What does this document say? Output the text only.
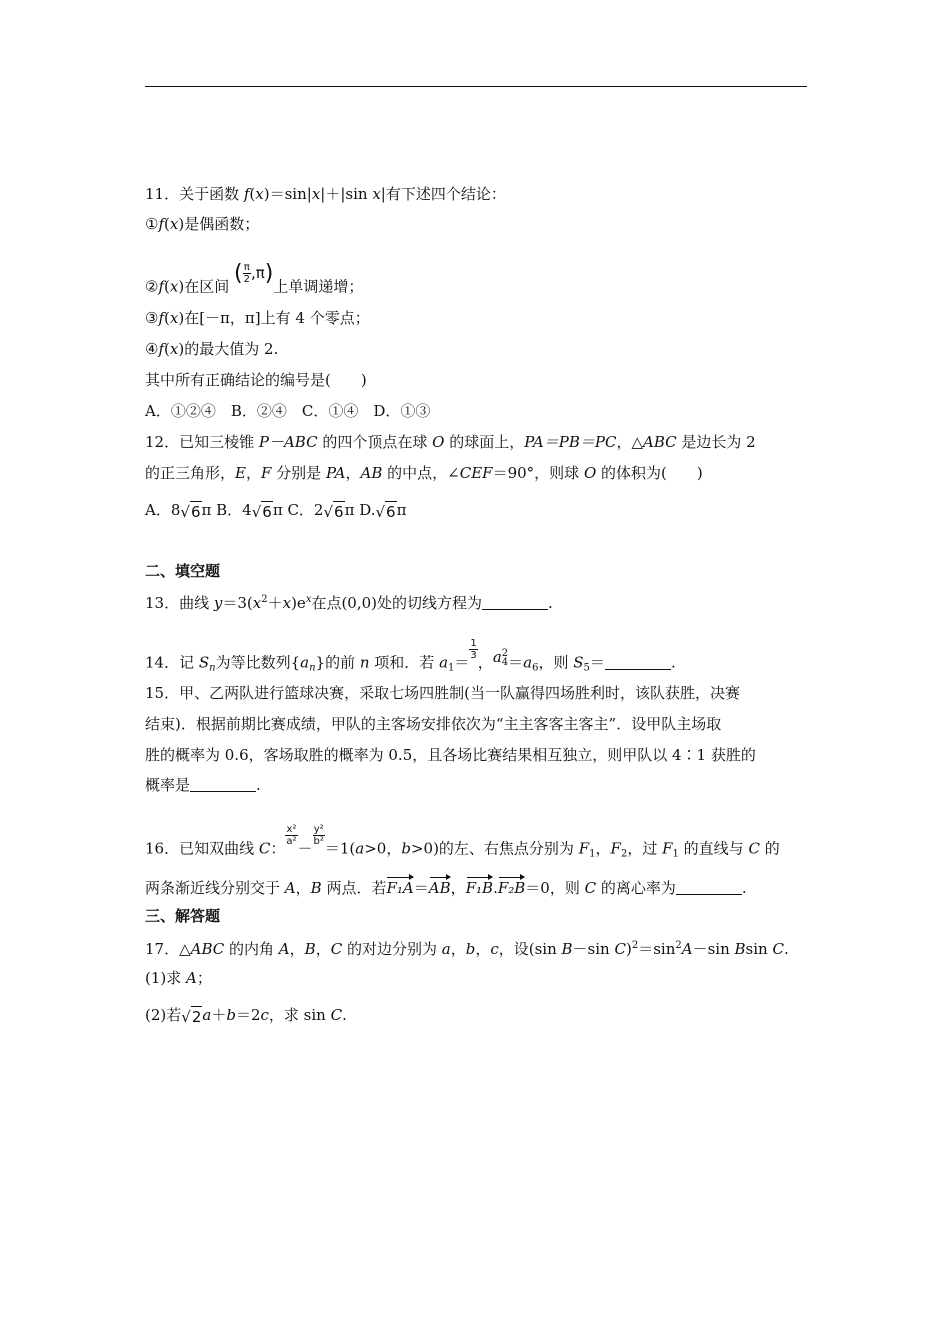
11．关于函数 f(x)＝sin|x|＋|sin x|有下述四个结论：
①f(x)是偶函数；
②f(x)在区间 ( $\frac{\pi}{2} ,\pi$)上单调递增；
③f(x)在[－π，π]上有 4 个零点；
④f(x)的最大值为 2.
其中所有正确结论的编号是(　　)
A．①②④　B．②④　C．①④　D．①③
12．已知三棱锥 P－ABC 的四个顶点在球 O 的球面上，PA＝PB＝PC，△ABC 是边长为 2
的正三角形，E，F 分别是 PA，AB 的中点，∠CEF＝90°，则球 O 的体积为(　　)
A．8√6π B．4√6π C．2√6π D.√6π
二、填空题
13．曲线 $y=3(x^2+x)e^x$在点(0,0)处的切线方程为	.
14．记 $S_n$为等比数列$\{a_n\}$的前 n 项和．若 $a_1=$
$\frac{1}{3}$
，a 2
$4 =a_6$，则 $S_5=$	.
15．甲、乙两队进行篮球决赛，采取七场四胜制(当一队赢得四场胜利时，该队获胜，决赛
结束)．根据前期比赛成绩，甲队的主客场安排依次为“主主客客主客主”．设甲队主场取
胜的概率为 0.6，客场取胜的概率为 0.5，且各场比赛结果相互独立，则甲队以 4∶1 获胜的
概率是	.
16．已知双曲线 C：
$\frac{\text{x²}}{\text{a²}}$
－
$\frac{\text{y²}}{\text{b²}}$
＝1(a>0，b>0)的左、右焦点分别为 $F_1$，$F_2$，过 $F_1$ 的直线与 C 的
两条渐近线分别交于 A，B 两点．若F₁A＝AB，F₁B.F₂B＝0，则 C 的离心率为	.
三、解答题
17．△ABC 的内角 A，B，C 的对边分别为 a，b，c，设(sin B－sin $C)^2=\sin^2A-\sin$ Bsin C.
(1)求 A；
(2)若√2a＋b＝2c，求 sin C.
